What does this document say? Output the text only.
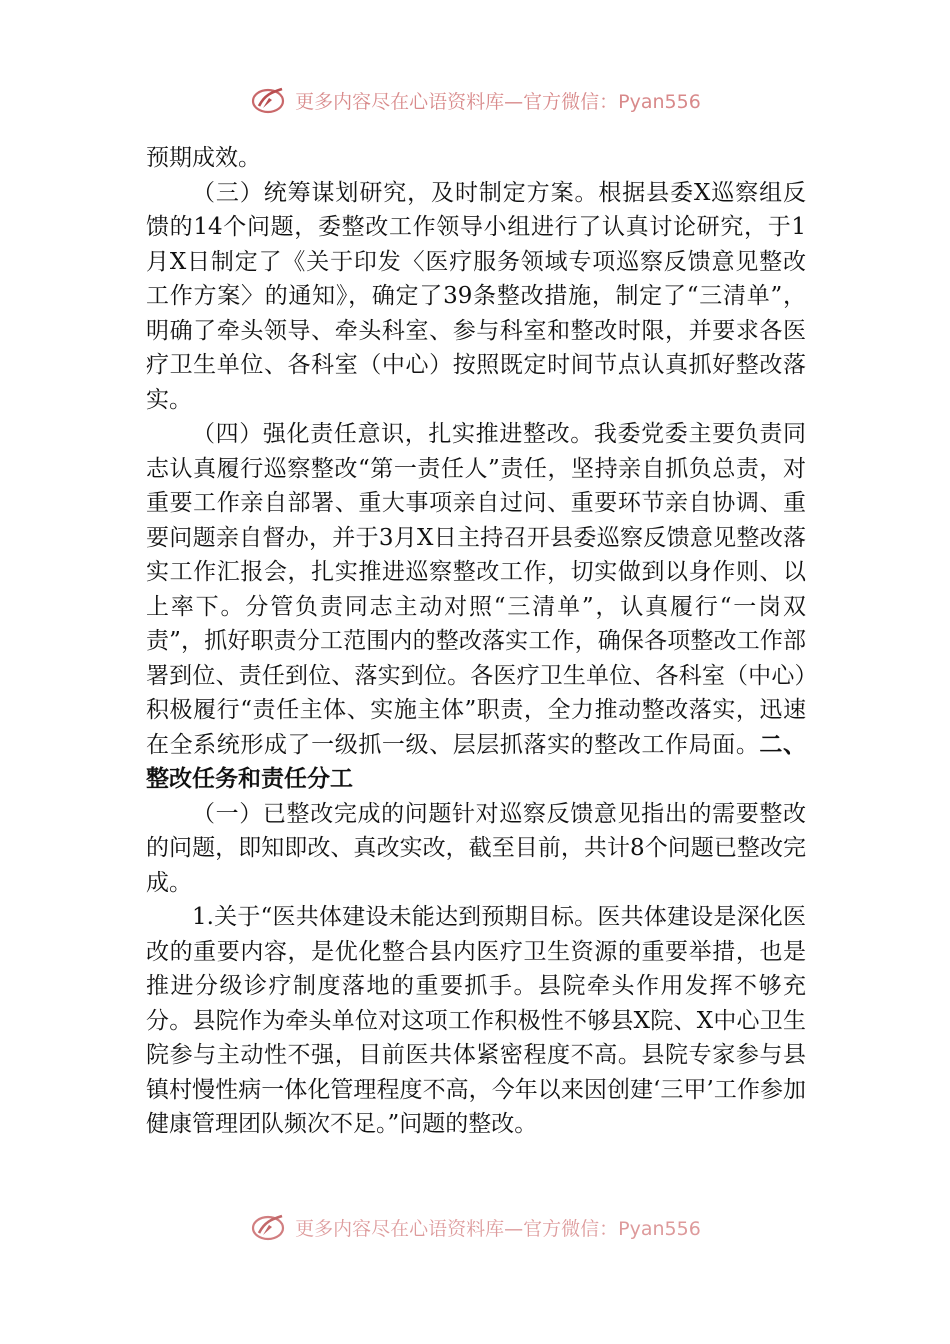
更多内容尽在心语资料库—官方微信：Pyan556

预期成效。

（三）统筹谋划研究，及时制定方案。根据县委X巡察组反馈的14个问题，委整改工作领导小组进行了认真讨论研究，于1月X日制定了《关于印发〈医疗服务领域专项巡察反馈意见整改工作方案〉的通知》，确定了39条整改措施，制定了“三清单”，明确了牵头领导、牵头科室、参与科室和整改时限，并要求各医疗卫生单位、各科室（中心）按照既定时间节点认真抓好整改落实。

（四）强化责任意识，扎实推进整改。我委党委主要负责同志认真履行巡察整改“第一责任人”责任，坚持亲自抓负总责，对重要工作亲自部署、重大事项亲自过问、重要环节亲自协调、重要问题亲自督办，并于3月X日主持召开县委巡察反馈意见整改落实工作汇报会，扎实推进巡察整改工作，切实做到以身作则、以上率下。分管负责同志主动对照“三清单”，认真履行“一岗双责”，抓好职责分工范围内的整改落实工作，确保各项整改工作部署到位、责任到位、落实到位。各医疗卫生单位、各科室（中心）积极履行“责任主体、实施主体”职责，全力推动整改落实，迅速在全系统形成了一级抓一级、层层抓落实的整改工作局面。二、整改任务和责任分工

（一）已整改完成的问题针对巡察反馈意见指出的需要整改的问题，即知即改、真改实改，截至目前，共计8个问题已整改完成。

1.关于“医共体建设未能达到预期目标。医共体建设是深化医改的重要内容，是优化整合县内医疗卫生资源的重要举措，也是推进分级诊疗制度落地的重要抓手。县院牵头作用发挥不够充分。县院作为牵头单位对这项工作积极性不够县X院、X中心卫生院参与主动性不强，目前医共体紧密程度不高。县院专家参与县镇村慢性病一体化管理程度不高，今年以来因创建‘三甲’工作参加健康管理团队频次不足。”问题的整改。

更多内容尽在心语资料库—官方微信：Pyan556
